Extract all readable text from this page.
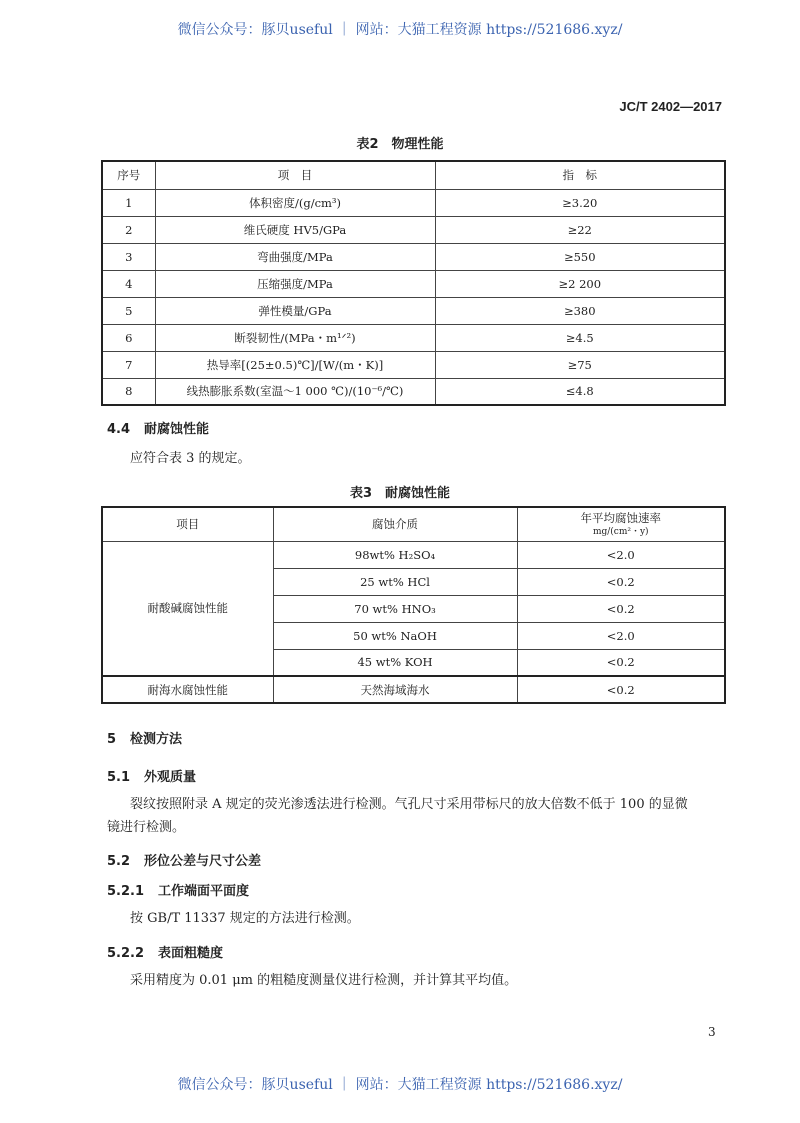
微信公众号：豚贝useful ｜ 网站：大猫工程资源 https://521686.xyz/
JC/T 2402—2017
表2　物理性能
序号	项　目	指　标
1	体积密度/(g/cm³)	≥3.20
2	维氏硬度 HV5/GPa	≥22
3	弯曲强度/MPa	≥550
4	压缩强度/MPa	≥2 200
5	弹性模量/GPa	≥380
6	断裂韧性/(MPa・m¹ᐟ²)	≥4.5
7	热导率[(25±0.5)℃]/[W/(m・K)]	≥75
8	线热膨胀系数(室温～1 000 ℃)/(10⁻⁶/℃)	≤4.8
4.4 耐腐蚀性能
应符合表 3 的规定。
表3　耐腐蚀性能
项目	腐蚀介质	年平均腐蚀速率
mg/(cm²・y)

耐酸碱腐蚀性能	98wt% H₂SO₄	<2.0
	25 wt% HCl	<0.2
	70 wt% HNO₃	<0.2
	50 wt% NaOH	<2.0
	45 wt% KOH	<0.2
耐海水腐蚀性能	天然海域海水	<0.2
5 检测方法
5.1 外观质量
裂纹按照附录 A 规定的荧光渗透法进行检测。气孔尺寸采用带标尺的放大倍数不低于 100 的显微镜进行检测。
5.2 形位公差与尺寸公差
5.2.1 工作端面平面度
按 GB/T 11337 规定的方法进行检测。
5.2.2 表面粗糙度
采用精度为 0.01 μm 的粗糙度测量仪进行检测，并计算其平均值。
3
微信公众号：豚贝useful ｜ 网站：大猫工程资源 https://521686.xyz/
